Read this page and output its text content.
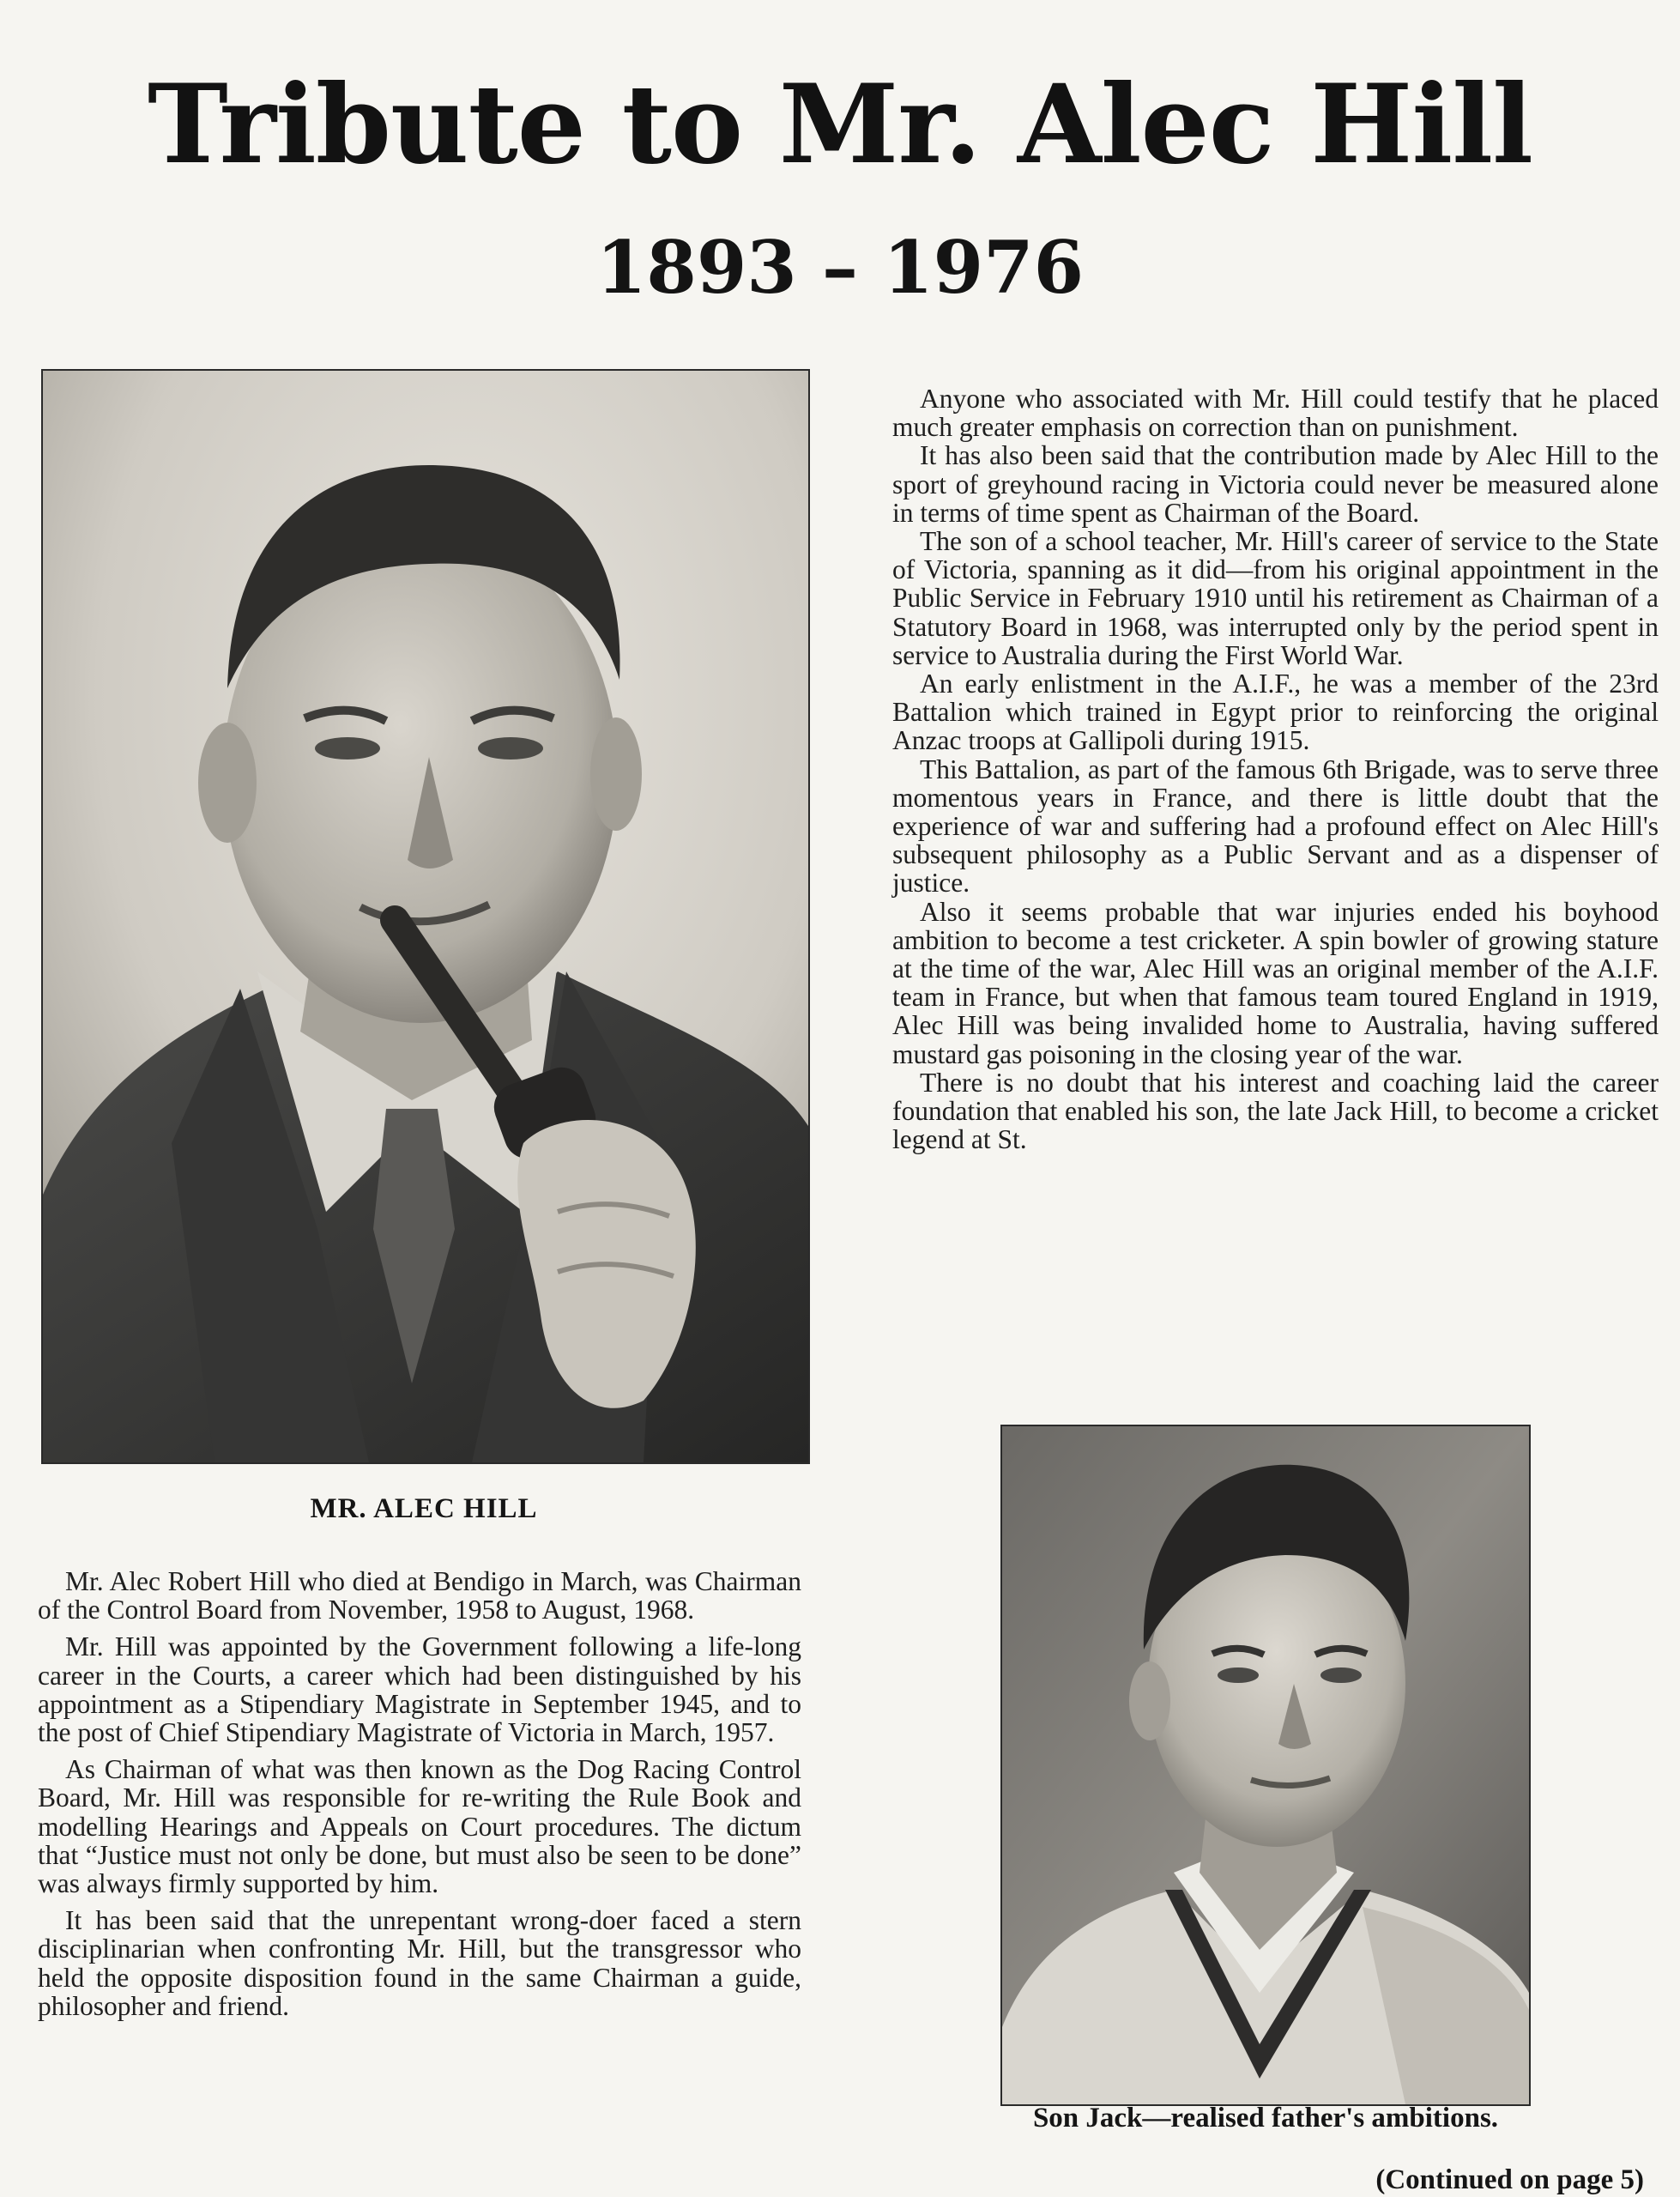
Tribute to Mr. Alec Hill
1893 – 1976
MR. ALEC HILL

Mr. Alec Robert Hill who died at Bendigo in March, was Chairman of the Control Board from November, 1958 to August, 1968.

Mr. Hill was appointed by the Government following a life-long career in the Courts, a career which had been distinguished by his appointment as a Stipendiary Magistrate in September 1945, and to the post of Chief Stipendiary Magistrate of Victoria in March, 1957.

As Chairman of what was then known as the Dog Racing Control Board, Mr. Hill was responsible for re-writing the Rule Book and modelling Hearings and Appeals on Court procedures. The dictum that “Justice must not only be done, but must also be seen to be done” was always firmly supported by him.

It has been said that the unrepentant wrong-doer faced a stern disciplinarian when confronting Mr. Hill, but the transgressor who held the opposite disposition found in the same Chairman a guide, philosopher and friend.

Anyone who associated with Mr. Hill could testify that he placed much greater emphasis on correction than on punishment.

It has also been said that the contribution made by Alec Hill to the sport of greyhound racing in Victoria could never be measured alone in terms of time spent as Chairman of the Board.

The son of a school teacher, Mr. Hill's career of service to the State of Victoria, spanning as it did—from his original appointment in the Public Service in February 1910 until his retirement as Chairman of a Statutory Board in 1968, was interrupted only by the period spent in service to Australia during the First World War.

An early enlistment in the A.I.F., he was a member of the 23rd Battalion which trained in Egypt prior to reinforcing the original Anzac troops at Gallipoli during 1915.

This Battalion, as part of the famous 6th Brigade, was to serve three momentous years in France, and there is little doubt that the experience of war and suffering had a profound effect on Alec Hill's subsequent philosophy as a Public Servant and as a dispenser of justice.

Also it seems probable that war injuries ended his boyhood ambition to become a test cricketer. A spin bowler of growing stature at the time of the war, Alec Hill was an original member of the A.I.F. team in France, but when that famous team toured England in 1919, Alec Hill was being invalided home to Australia, having suffered mustard gas poisoning in the closing year of the war.

There is no doubt that his interest and coaching laid the career foundation that enabled his son, the late Jack Hill, to become a cricket legend at St.

Son Jack—realised father's ambitions.
(Continued on page 5)
